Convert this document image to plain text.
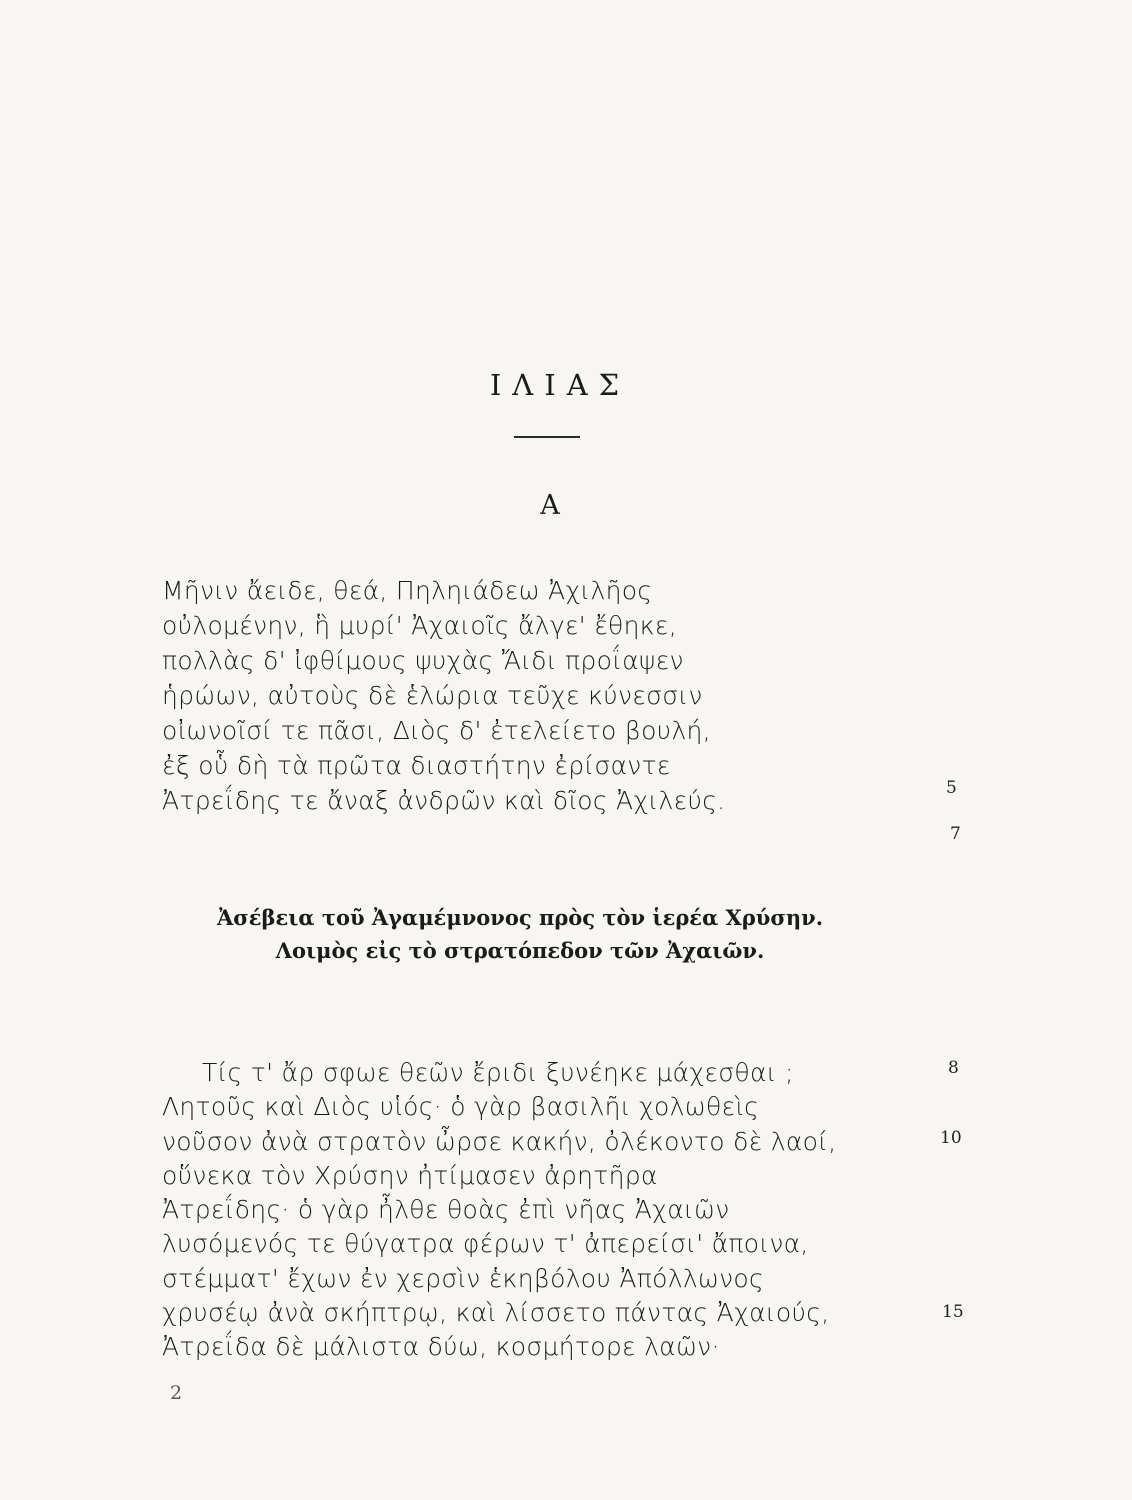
ΙΛΙΑΣ
Α
Μῆνιν ἄειδε, θεά, Πηληιάδεω Ἀχιλῆος
οὐλομένην, ἣ μυρί' Ἀχαιοῖς ἄλγε' ἔθηκε,
πολλὰς δ' ἰφθίμους ψυχὰς Ἄιδι προΐαψεν
ἡρώων, αὐτοὺς δὲ ἑλώρια τεῦχε κύνεσσιν
οἰωνοῖσί τε πᾶσι, Διὸς δ' ἐτελείετο βουλή,
ἐξ οὗ δὴ τὰ πρῶτα διαστήτην ἐρίσαντε
Ἀτρεΐδης τε ἄναξ ἀνδρῶν καὶ δῖος Ἀχιλεύς.	5
7
Ἀσέβεια τοῦ Ἀγαμέμνονος πρὸς τὸν ἱερέα Χρύσην.
Λοιμὸς εἰς τὸ στρατόπεδον τῶν Ἀχαιῶν.
Τίς τ' ἄρ σφωε θεῶν ἔριδι ξυνέηκε μάχεσθαι ;
Λητοῦς καὶ Διὸς υἱός· ὁ γὰρ βασιλῆι χολωθεὶς
νοῦσον ἀνὰ στρατὸν ὦρσε κακήν, ὀλέκοντο δὲ λαοί,
οὕνεκα τὸν Χρύσην ἠτίμασεν ἀρητῆρα
Ἀτρεΐδης· ὁ γὰρ ἦλθε θοὰς ἐπὶ νῆας Ἀχαιῶν
λυσόμενός τε θύγατρα φέρων τ' ἀπερείσι' ἄποινα,
στέμματ' ἔχων ἐν χερσὶν ἑκηβόλου Ἀπόλλωνος
χρυσέῳ ἀνὰ σκήπτρῳ, καὶ λίσσετο πάντας Ἀχαιούς,
Ἀτρεΐδα δὲ μάλιστα δύω, κοσμήτορε λαῶν·
8
10
15
2
